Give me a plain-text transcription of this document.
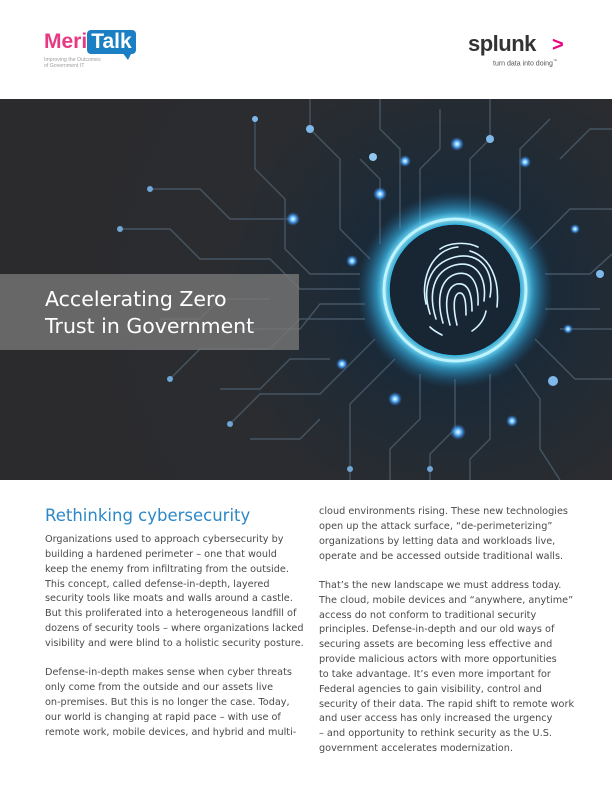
Meri Talk
Improving the Outcomes
of Government IT
splunk >
turn data into doing™
Accelerating Zero
Trust in Government
Rethinking cybersecurity

Organizations used to approach cybersecurity by
building a hardened perimeter – one that would
keep the enemy from infiltrating from the outside.
This concept, called defense-in-depth, layered
security tools like moats and walls around a castle.
But this proliferated into a heterogeneous landfill of
dozens of security tools – where organizations lacked
visibility and were blind to a holistic security posture.

Defense-in-depth makes sense when cyber threats
only come from the outside and our assets live
on-premises. But this is no longer the case. Today,
our world is changing at rapid pace – with use of
remote work, mobile devices, and hybrid and multi-

cloud environments rising. These new technologies
open up the attack surface, “de-perimeterizing”
organizations by letting data and workloads live,
operate and be accessed outside traditional walls.

That’s the new landscape we must address today.
The cloud, mobile devices and “anywhere, anytime”
access do not conform to traditional security
principles. Defense-in-depth and our old ways of
securing assets are becoming less effective and
provide malicious actors with more opportunities
to take advantage. It’s even more important for
Federal agencies to gain visibility, control and
security of their data. The rapid shift to remote work
and user access has only increased the urgency
– and opportunity to rethink security as the U.S.
government accelerates modernization.
